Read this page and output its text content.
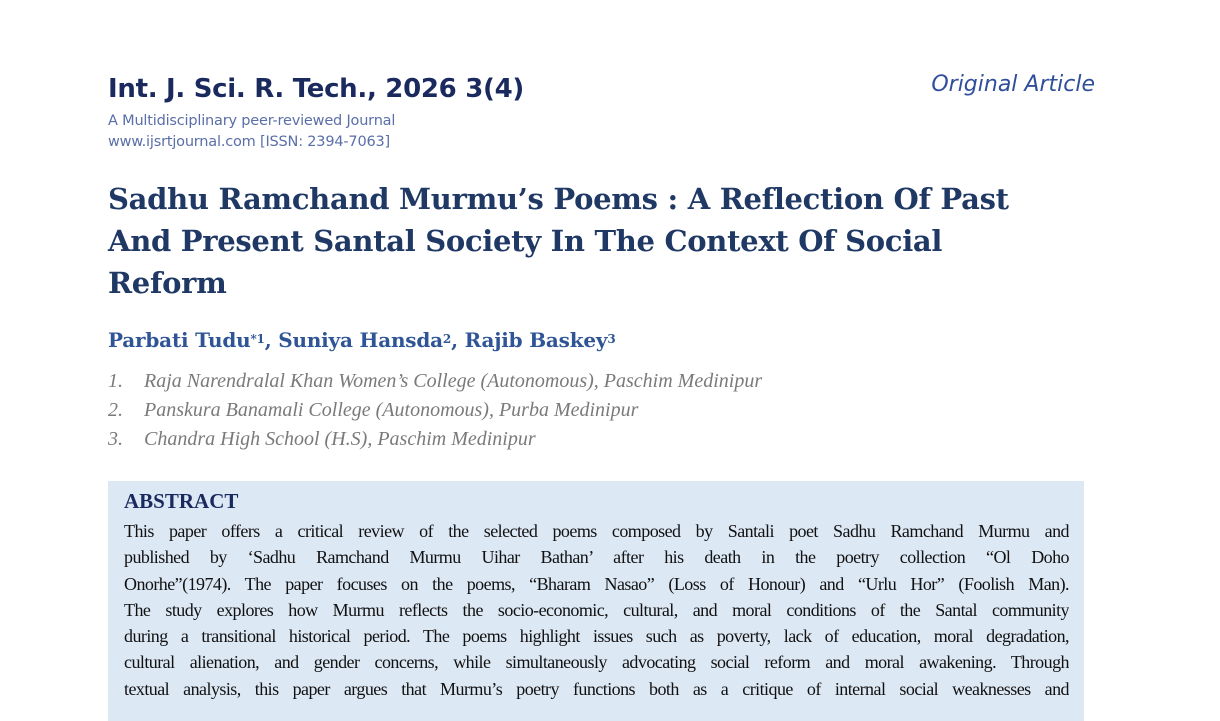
Int. J. Sci. R. Tech., 2026 3(4)
A Multidisciplinary peer-reviewed Journal
www.ijsrtjournal.com [ISSN: 2394-7063]
Original Article
Sadhu Ramchand Murmu’s Poems : A Reflection Of Past And Present Santal Society In The Context Of Social Reform
Parbati Tudu$^{*1}$, Suniya Hansda$^2$, Rajib Baskey$^3$
1. Raja Narendralal Khan Women’s College (Autonomous), Paschim Medinipur
2. Panskura Banamali College (Autonomous), Purba Medinipur
3. Chandra High School (H.S), Paschim Medinipur
ABSTRACT
This paper offers a critical review of the selected poems composed by Santali poet Sadhu Ramchand Murmu and
published by ‘Sadhu Ramchand Murmu Uihar Bathan’ after his death in the poetry collection “Ol Doho
Onorhe”(1974). The paper focuses on the poems, “Bharam Nasao” (Loss of Honour) and “Urlu Hor” (Foolish Man).
The study explores how Murmu reflects the socio-economic, cultural, and moral conditions of the Santal community
during a transitional historical period. The poems highlight issues such as poverty, lack of education, moral degradation,
cultural alienation, and gender concerns, while simultaneously advocating social reform and moral awakening. Through
textual analysis, this paper argues that Murmu’s poetry functions both as a critique of internal social weaknesses and
